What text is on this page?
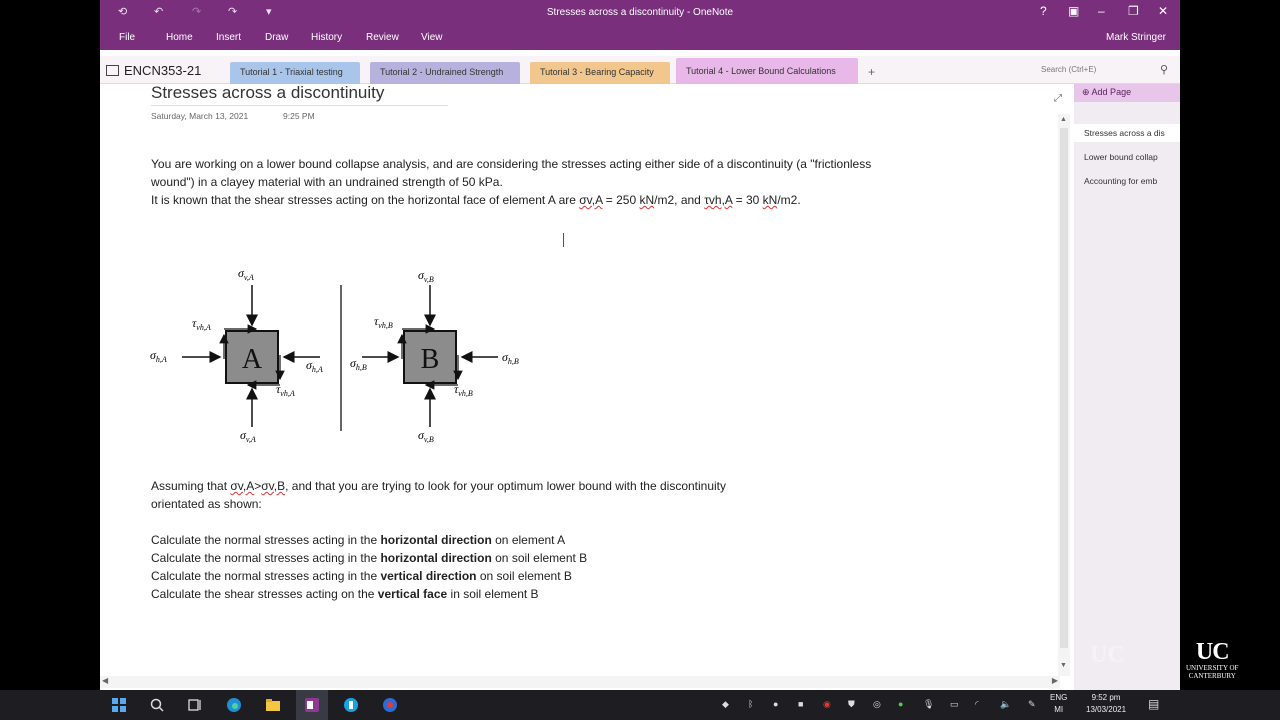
⟲ ↶	↷ ↷	▾	Stresses across a discontinuity - OneNote	? ▣ – ❐ ✕
File	Home Insert Draw History Review View	Mark Stringer
ENCN353-21	Tutorial 1 - Triaxial testing	Tutorial 2 - Undrained Strength	Tutorial 3 - Bearing Capacity	Tutorial 4 - Lower Bound Calculations	+	Search (Ctrl+E)	⚲
Stresses across a discontinuity
Saturday, March 13, 2021	9:25 PM
You are working on a lower bound collapse analysis, and are considering the stresses acting either side of a discontinuity (a "frictionless
wound") in a clayey material with an undrained strength of 50 kPa.
It is known that the shear stresses acting on the horizontal face of element A are σv,A = 250 kN/m2, and τvh,A = 30 kN/m2.
A
$\sigma_{v,A}$
$\sigma_{v,A}$
$\sigma_{h,A}$	$\sigma_{h,A}$
$\tau_{vh,A}$
$\tau_{vh,A}$
B
$\sigma_{v,B}$
$\sigma_{v,B}$
$\sigma_{h,B}$
$\sigma_{h,B}$
$\tau_{vh,B}$
$\tau_{vh,B}$
Assuming that σv,A>σv,B, and that you are trying to look for your optimum lower bound with the discontinuity
orientated as shown:
Calculate the normal stresses acting in the horizontal direction on element A
Calculate the normal stresses acting in the horizontal direction on soil element B
Calculate the normal stresses acting in the vertical direction on soil element B
Calculate the shear stresses acting on the vertical face in soil element B
⤢
▲
▼
◀	▶
⊕ Add Page
Stresses across a dis
Lower bound collap
Accounting for emb
UC	UC
UNIVERSITY OF
CANTERBURY
◆ ᛒ ● ■ ◉ ⛊ ◎ ● 🎙 ▭ ◜ 🔈 ✎
ENG
MI
9:52 pm
13/03/2021 ▤
